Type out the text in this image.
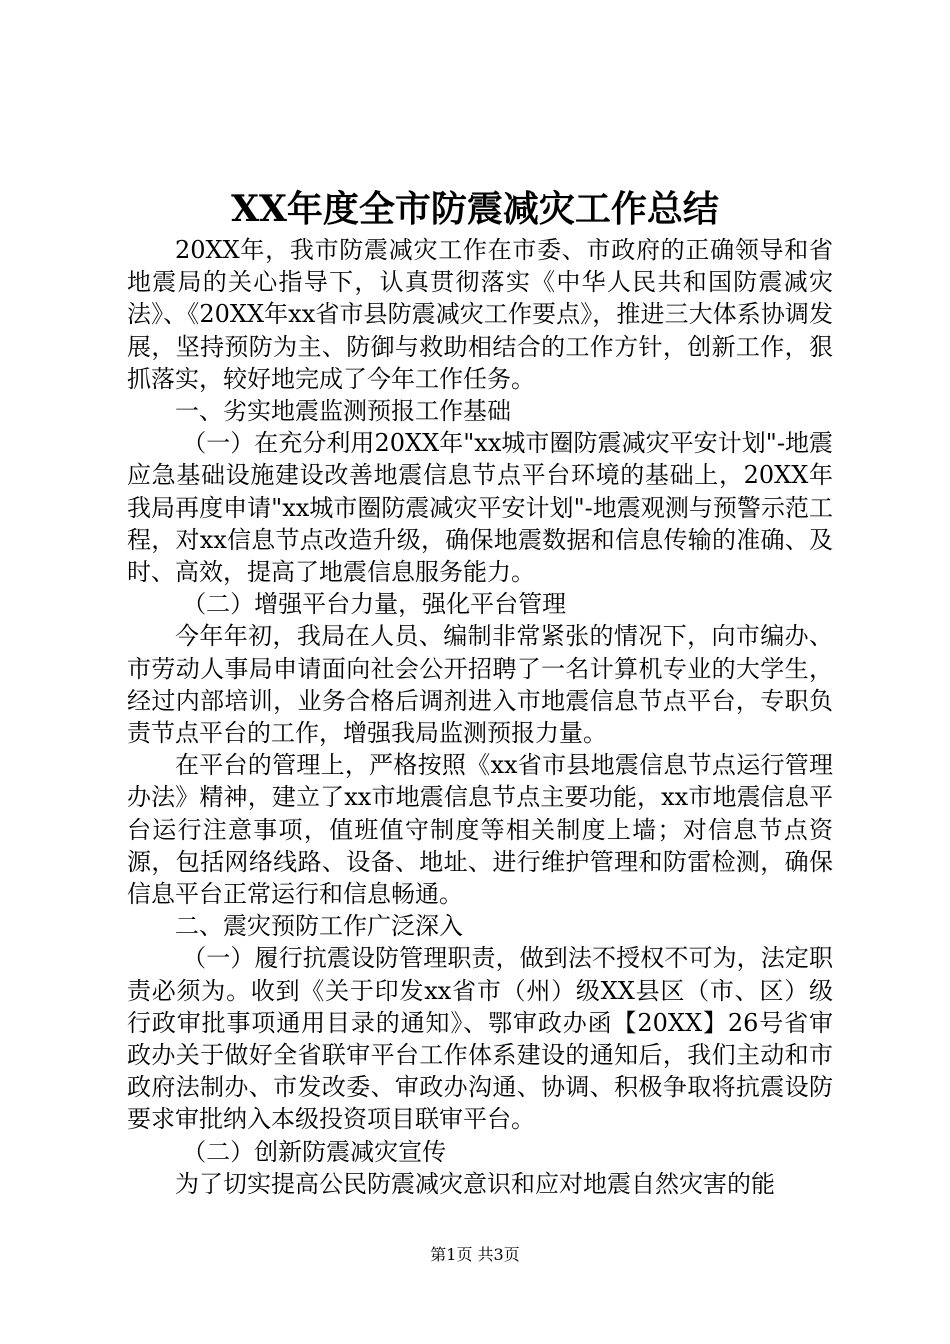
XX年度全市防震减灾工作总结

20XX年，我市防震减灾工作在市委、市政府的正确领导和省地震局的关心指导下，认真贯彻落实《中华人民共和国防震减灾法》、《20XX年xx省市县防震减灾工作要点》，推进三大体系协调发展，坚持预防为主、防御与救助相结合的工作方针，创新工作，狠抓落实，较好地完成了今年工作任务。

一、劣实地震监测预报工作基础

（一）在充分利用20XX年"xx城市圈防震减灾平安计划"-地震应急基础设施建设改善地震信息节点平台环境的基础上，20XX年我局再度申请"xx城市圈防震减灾平安计划"-地震观测与预警示范工程，对xx信息节点改造升级，确保地震数据和信息传输的准确、及时、高效，提高了地震信息服务能力。

（二）增强平台力量，强化平台管理

今年年初，我局在人员、编制非常紧张的情况下，向市编办、市劳动人事局申请面向社会公开招聘了一名计算机专业的大学生，经过内部培训，业务合格后调剂进入市地震信息节点平台，专职负责节点平台的工作，增强我局监测预报力量。

在平台的管理上，严格按照《xx省市县地震信息节点运行管理办法》精神，建立了xx市地震信息节点主要功能，xx市地震信息平台运行注意事项，值班值守制度等相关制度上墙；对信息节点资源，包括网络线路、设备、地址、进行维护管理和防雷检测，确保信息平台正常运行和信息畅通。

二、震灾预防工作广泛深入

（一）履行抗震设防管理职责，做到法不授权不可为，法定职责必须为。收到《关于印发xx省市（州）级XX县区（市、区）级行政审批事项通用目录的通知》、鄂审政办函【20XX】26号省审政办关于做好全省联审平台工作体系建设的通知后，我们主动和市政府法制办、市发改委、审政办沟通、协调、积极争取将抗震设防要求审批纳入本级投资项目联审平台。

（二）创新防震减灾宣传

为了切实提高公民防震减灾意识和应对地震自然灾害的能

第1页 共3页
